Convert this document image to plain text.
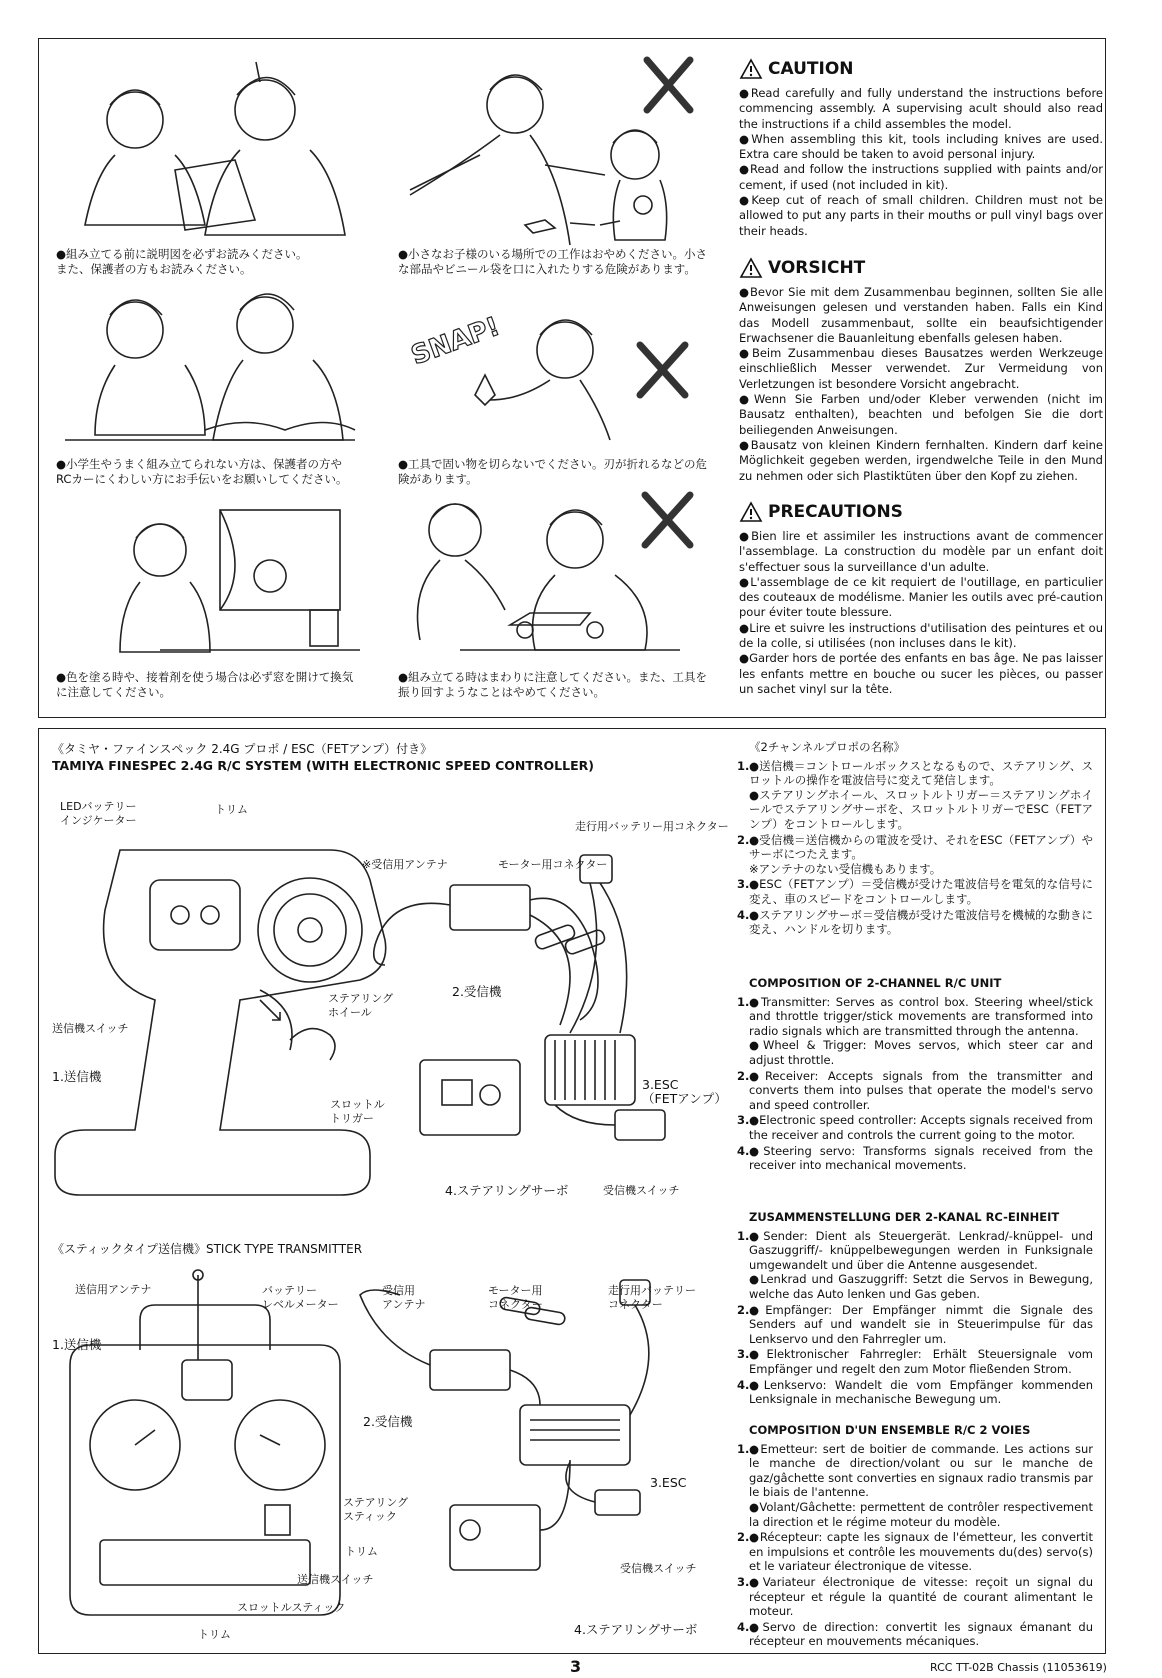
●組み立てる前に説明図を必ずお読みください。
また、保護者の方もお読みください。
●小学生やうまく組み立てられない方は、保護者の方やRCカーにくわしい方にお手伝いをお願いしてください。
●色を塗る時や、接着剤を使う場合は必ず窓を開けて換気に注意してください。
●小さなお子様のいる場所での工作はおやめください。小さな部品やビニール袋を口に入れたりする危険があります。
SNAP!
●工具で固い物を切らないでください。刃が折れるなどの危険があります。
●組み立てる時はまわりに注意してください。また、工具を振り回すようなことはやめてください。
CAUTION

●Read carefully and fully understand the instructions before commencing assembly. A supervising acult should also read the instructions if a child assembles the model.

●When assembling this kit, tools including knives are used. Extra care should be taken to avoid personal injury.

●Read and follow the instructions supplied with paints and/or cement, if used (not included in kit).

●Keep cut of reach of small children. Children must not be allowed to put any parts in their mouths or pull vinyl bags over their heads.

VORSICHT

●Bevor Sie mit dem Zusammenbau beginnen, sollten Sie alle Anweisungen gelesen und verstanden haben. Falls ein Kind das Modell zusammenbaut, sollte ein beaufsichtigender Erwachsener die Bauanleitung ebenfalls gelesen haben.

●Beim Zusammenbau dieses Bausatzes werden Werkzeuge einschließlich Messer verwendet. Zur Vermeidung von Verletzungen ist besondere Vorsicht angebracht.

●Wenn Sie Farben und/oder Kleber verwenden (nicht im Bausatz enthalten), beachten und befolgen Sie die dort beiliegenden Anweisungen.

●Bausatz von kleinen Kindern fernhalten. Kindern darf keine Möglichkeit gegeben werden, irgendwelche Teile in den Mund zu nehmen oder sich Plastiktüten über den Kopf zu ziehen.

PRECAUTIONS

●Bien lire et assimiler les instructions avant de commencer l'assemblage. La construction du modèle par un enfant doit s'effectuer sous la surveillance d'un adulte.

●L'assemblage de ce kit requiert de l'outillage, en particulier des couteaux de modélisme. Manier les outils avec pré-caution pour éviter toute blessure.

●Lire et suivre les instructions d'utilisation des peintures et ou de la colle, si utilisées (non incluses dans le kit).

●Garder hors de portée des enfants en bas âge. Ne pas laisser les enfants mettre en bouche ou sucer les pièces, ou passer un sachet vinyl sur la tête.

《タミヤ・ファインスペック 2.4G プロポ / ESC（FETアンプ）付き》
TAMIYA FINESPEC 2.4G R/C SYSTEM (WITH ELECTRONIC SPEED CONTROLLER)
LEDバッテリー
インジケーター
トリム
走行用バッテリー用コネクター
※受信用アンテナ	モーター用コネクター
ステアリング
ホイール
2.受信機
送信機スイッチ
1.送信機
3.ESC
（FETアンプ）
スロットル
トリガー
4.ステアリングサーボ	受信機スイッチ
《スティックタイプ送信機》STICK TYPE TRANSMITTER
送信用アンテナ	バッテリー
レベルメーター
受信用
アンテナ
モーター用
コネクター
走行用バッテリー
コネクター
1.送信機
2.受信機
3.ESC
ステアリング
スティック
トリム
送信機スイッチ
受信機スイッチ
スロットルスティック
トリム	4.ステアリングサーボ
《2チャンネルプロポの名称》
1. ●送信機＝コントロールボックスとなるもので、ステアリング、スロットルの操作を電波信号に変えて発信します。
●ステアリングホイール、スロットルトリガー＝ステアリングホイールでステアリングサーボを、スロットルトリガーでESC（FETアンプ）をコントロールします。
2. ●受信機＝送信機からの電波を受け、それをESC（FETアンプ）やサーボにつたえます。
※アンテナのない受信機もあります。
3. ●ESC（FETアンプ）＝受信機が受けた電波信号を電気的な信号に変え、車のスピードをコントロールします。
4. ●ステアリングサーボ＝受信機が受けた電波信号を機械的な動きに変え、ハンドルを切ります。
COMPOSITION OF 2-CHANNEL R/C UNIT
1. ●Transmitter: Serves as control box. Steering wheel/stick and throttle trigger/stick movements are transformed into radio signals which are transmitted through the antenna.
●Wheel & Trigger: Moves servos, which steer car and adjust throttle.
2. ●Receiver: Accepts signals from the transmitter and converts them into pulses that operate the model's servo and speed controller.
3. ●Electronic speed controller: Accepts signals received from the receiver and controls the current going to the motor.
4. ●Steering servo: Transforms signals received from the receiver into mechanical movements.
ZUSAMMENSTELLUNG DER 2-KANAL RC-EINHEIT
1. ●Sender: Dient als Steuergerät. Lenkrad/-knüppel- und Gaszuggriff/- knüppelbewegungen werden in Funksignale umgewandelt und über die Antenne ausgesendet.
●Lenkrad und Gaszuggriff: Setzt die Servos in Bewegung, welche das Auto lenken und Gas geben.
2. ●Empfänger: Der Empfänger nimmt die Signale des Senders auf und wandelt sie in Steuerimpulse für das Lenkservo und den Fahrregler um.
3. ●Elektronischer Fahrregler: Erhält Steuersignale vom Empfänger und regelt den zum Motor fließenden Strom.
4. ●Lenkservo: Wandelt die vom Empfänger kommenden Lenksignale in mechanische Bewegung um.
COMPOSITION D'UN ENSEMBLE R/C 2 VOIES
1. ●Emetteur: sert de boitier de commande. Les actions sur le manche de direction/volant ou sur le manche de gaz/gâchette sont converties en signaux radio transmis par le biais de l'antenne.
●Volant/Gâchette: permettent de contrôler respectivement la direction et le régime moteur du modèle.
2. ●Récepteur: capte les signaux de l'émetteur, les convertit en impulsions et contrôle les mouvements du(des) servo(s) et le variateur électronique de vitesse.
3. ●Variateur électronique de vitesse: reçoit un signal du récepteur et régule la quantité de courant alimentant le moteur.
4. ●Servo de direction: convertit les signaux émanant du récepteur en mouvements mécaniques.
3	RCC TT-02B Chassis (11053619)
